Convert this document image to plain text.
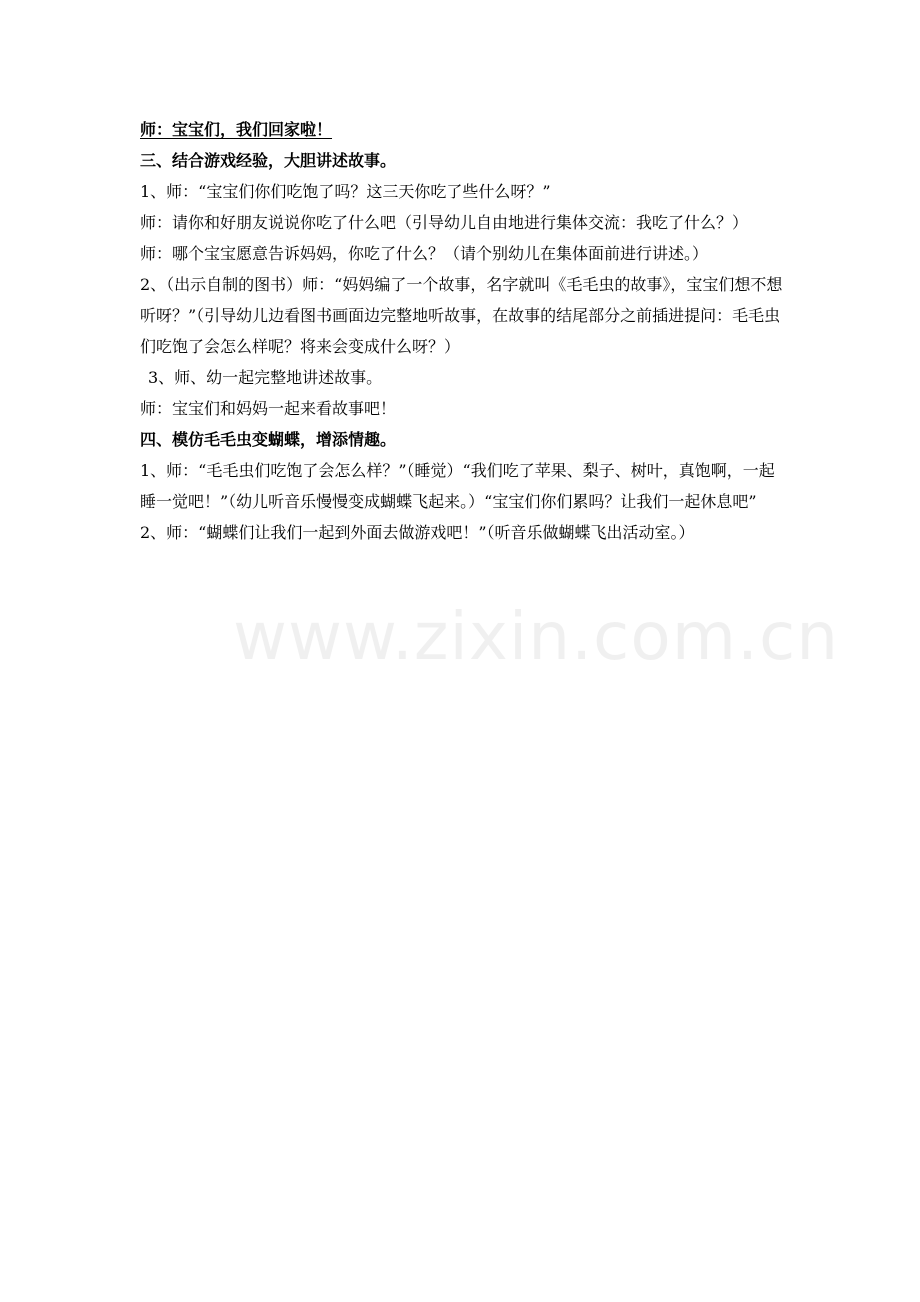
师：宝宝们，我们回家啦！

三、结合游戏经验，大胆讲述故事。

1、师：“宝宝们你们吃饱了吗？这三天你吃了些什么呀？”

师：请你和好朋友说说你吃了什么吧（引导幼儿自由地进行集体交流：我吃了什么？）

师：哪个宝宝愿意告诉妈妈，你吃了什么？（请个别幼儿在集体面前进行讲述。）

2、（出示自制的图书）师：“妈妈编了一个故事，名字就叫《毛毛虫的故事》，宝宝们想不想听呀？”（引导幼儿边看图书画面边完整地听故事，在故事的结尾部分之前插进提问：毛毛虫们吃饱了会怎么样呢？将来会变成什么呀？）

3、师、幼一起完整地讲述故事。

师：宝宝们和妈妈一起来看故事吧！

四、模仿毛毛虫变蝴蝶，增添情趣。

1、师：“毛毛虫们吃饱了会怎么样？”（睡觉）“我们吃了苹果、梨子、树叶，真饱啊，一起睡一觉吧！”（幼儿听音乐慢慢变成蝴蝶飞起来。）“宝宝们你们累吗？让我们一起休息吧”

2、师：“蝴蝶们让我们一起到外面去做游戏吧！”（听音乐做蝴蝶飞出活动室。）

www.zixin.com.cn
